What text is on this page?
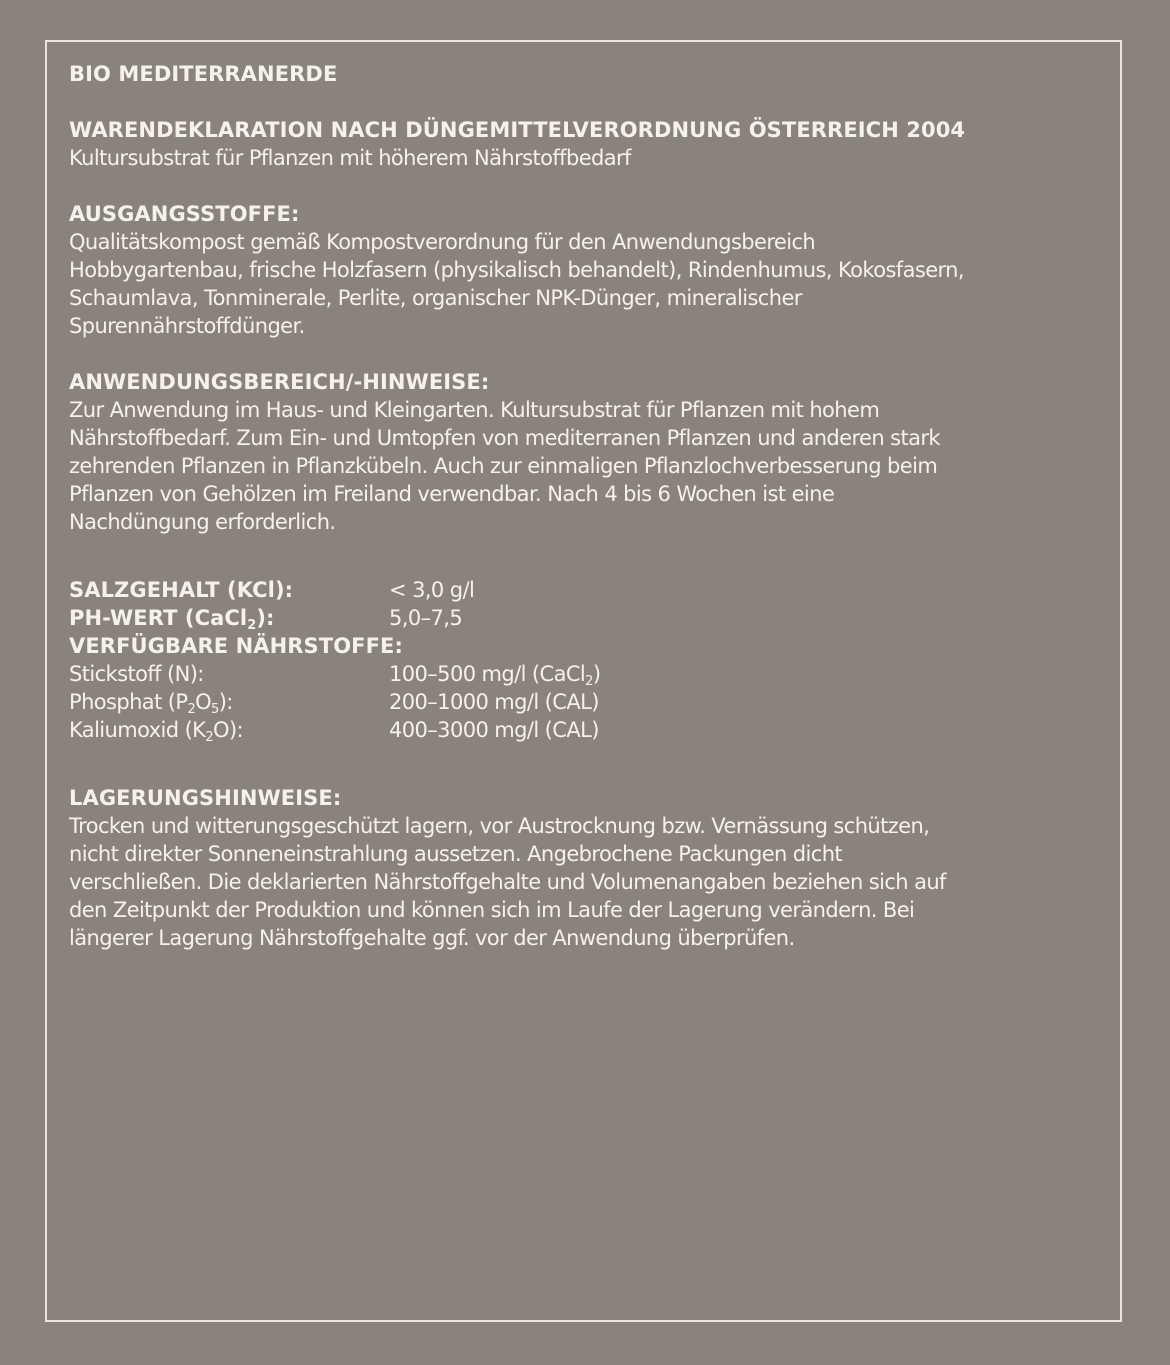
BIO MEDITERRANERDE
WARENDEKLARATION NACH DÜNGEMITTELVERORDNUNG ÖSTERREICH 2004
Kultursubstrat für Pflanzen mit höherem Nährstoffbedarf
AUSGANGSSTOFFE:
Qualitätskompost gemäß Kompostverordnung für den Anwendungsbereich
Hobbygartenbau, frische Holzfasern (physikalisch behandelt), Rindenhumus, Kokosfasern,
Schaumlava, Tonminerale, Perlite, organischer NPK-Dünger, mineralischer
Spurennährstoffdünger.
ANWENDUNGSBEREICH/-HINWEISE:
Zur Anwendung im Haus- und Kleingarten. Kultursubstrat für Pflanzen mit hohem
Nährstoffbedarf. Zum Ein- und Umtopfen von mediterranen Pflanzen und anderen stark
zehrenden Pflanzen in Pflanzkübeln. Auch zur einmaligen Pflanzlochverbesserung beim
Pflanzen von Gehölzen im Freiland verwendbar. Nach 4 bis 6 Wochen ist eine
Nachdüngung erforderlich.
SALZGEHALT (KCl):	< 3,0 g/l
PH-WERT (CaCl$_2$):	5,0–7,5
VERFÜGBARE NÄHRSTOFFE:
Stickstoff (N):	100–500 mg/l (CaCl$_2$)
Phosphat $(P_2O_5)$:	200–1000 mg/l (CAL)
Kaliumoxid $(K_2O)$:	400–3000 mg/l (CAL)
LAGERUNGSHINWEISE:
Trocken und witterungsgeschützt lagern, vor Austrocknung bzw. Vernässung schützen,
nicht direkter Sonneneinstrahlung aussetzen. Angebrochene Packungen dicht
verschließen. Die deklarierten Nährstoffgehalte und Volumenangaben beziehen sich auf
den Zeitpunkt der Produktion und können sich im Laufe der Lagerung verändern. Bei
längerer Lagerung Nährstoffgehalte ggf. vor der Anwendung überprüfen.
